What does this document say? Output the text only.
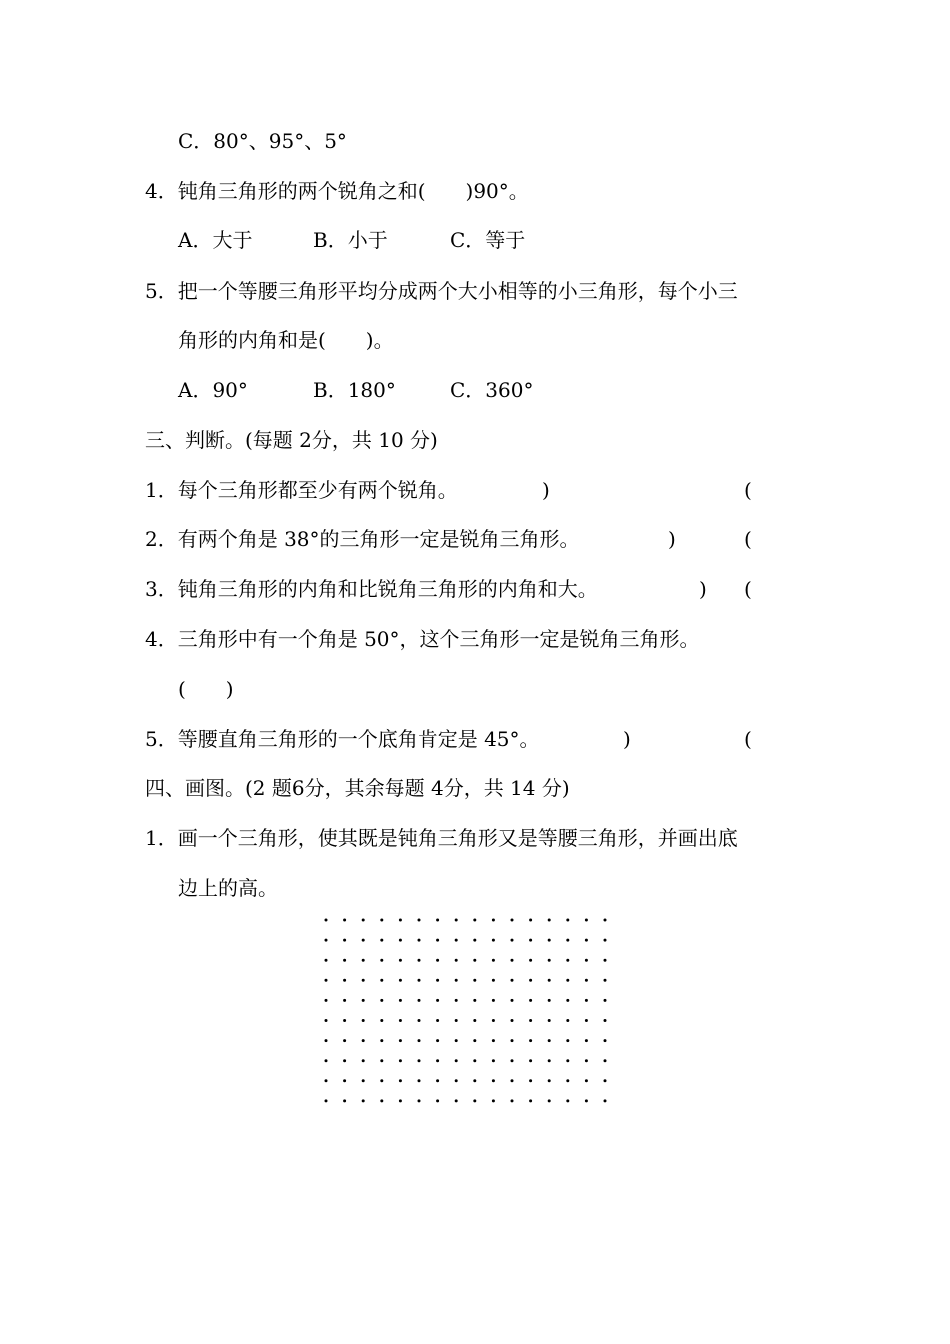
C．80°、95°、5°
4．钝角三角形的两个锐角之和(　　)90°。
A．大于	B．小于	C．等于
5．把一个等腰三角形平均分成两个大小相等的小三角形，每个小三
角形的内角和是(　　)。
A．90°	B．180°	C．360°
三、判断。(每题 2分，共 10 分)
1．每个三角形都至少有两个锐角。	)	(
2．有两个角是 38°的三角形一定是锐角三角形。	)	(
3．钝角三角形的内角和比锐角三角形的内角和大。	) (
4．三角形中有一个角是 50°，这个三角形一定是锐角三角形。
(　　)
5．等腰直角三角形的一个底角肯定是 45°。	)	(
四、画图。(2 题6分，其余每题 4分，共 14 分)
1．画一个三角形，使其既是钝角三角形又是等腰三角形，并画出底
边上的高。
